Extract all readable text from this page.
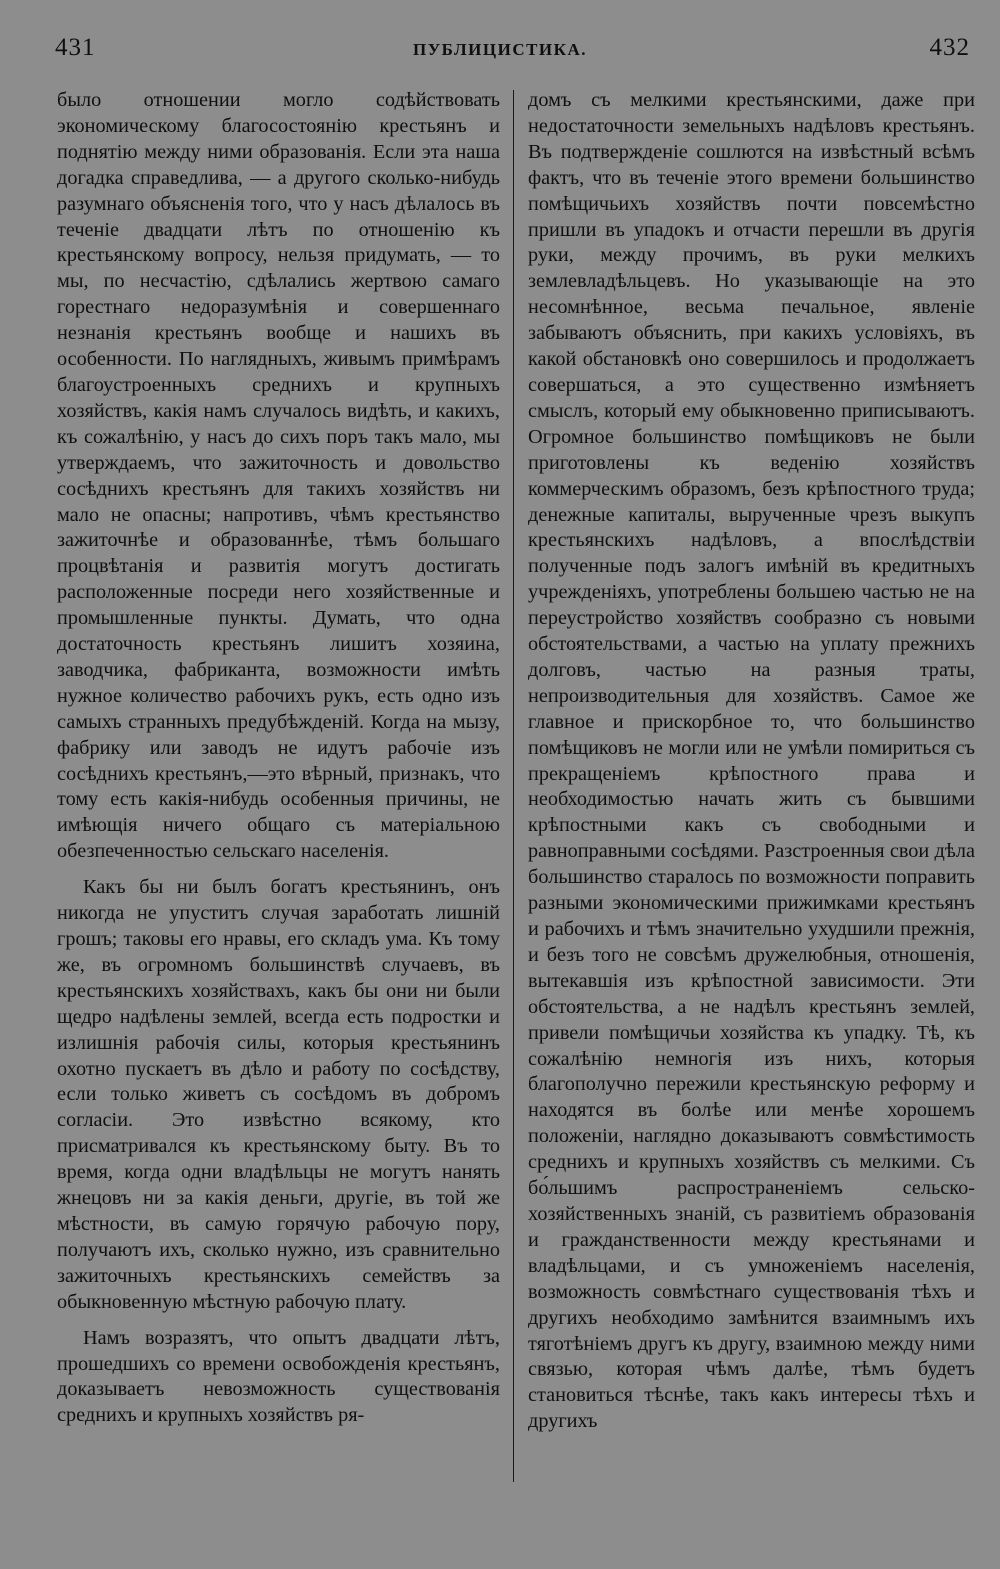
431	ПУБЛИЦИСТИКА.	432

было отношении могло содѣйствовать экономическому благосостоянію крестьянъ и поднятію между ними образованія. Если эта наша догадка справедлива, — а другого сколько-нибудь разумнаго объясненія того, что у насъ дѣлалось въ теченіе двадцати лѣтъ по отношенію къ крестьянскому вопросу, нельзя придумать, — то мы, по несчастію, сдѣлались жертвою самаго горестнаго недоразумѣнія и совершеннаго незнанія крестьянъ вообще и нашихъ въ особенности. По наглядныхъ, живымъ примѣрамъ благоустроенныхъ среднихъ и крупныхъ хозяйствъ, какія намъ случалось видѣть, и какихъ, къ сожалѣнію, у насъ до сихъ поръ такъ мало, мы утверждаемъ, что зажиточность и довольство сосѣднихъ крестьянъ для такихъ хозяйствъ ни мало не опасны; напротивъ, чѣмъ крестьянство зажиточнѣе и образованнѣе, тѣмъ большаго процвѣтанія и развитія могутъ достигать расположенные посреди него хозяйственные и промышленные пункты. Думать, что одна достаточность крестьянъ лишитъ хозяина, заводчика, фабриканта, возможности имѣть нужное количество рабочихъ рукъ, есть одно изъ самыхъ странныхъ предубѣжденій. Когда на мызу, фабрику или заводъ не идутъ рабочіе изъ сосѣднихъ крестьянъ,—это вѣрный, признакъ, что тому есть какія-нибудь особенныя причины, не имѣющія ничего общаго съ матеріальною обезпеченностью сельскаго населенія.

Какъ бы ни былъ богатъ крестьянинъ, онъ никогда не упуститъ случая заработать лишній грошъ; таковы его нравы, его складъ ума. Къ тому же, въ огромномъ большинствѣ случаевъ, въ крестьянскихъ хозяйствахъ, какъ бы они ни были щедро надѣлены землей, всегда есть подростки и излишнія рабочія силы, которыя крестьянинъ охотно пускаетъ въ дѣло и работу по сосѣдству, если только живетъ съ сосѣдомъ въ добромъ согласіи. Это извѣстно всякому, кто присматривался къ крестьянскому быту. Въ то время, когда одни владѣльцы не могутъ нанять жнецовъ ни за какія деньги, другіе, въ той же мѣстности, въ самую горячую рабочую пору, получаютъ ихъ, сколько нужно, изъ сравнительно зажиточныхъ крестьянскихъ семействъ за обыкновенную мѣстную рабочую плату.

Намъ возразятъ, что опытъ двадцати лѣтъ, прошедшихъ со времени освобожденія крестьянъ, доказываетъ невозможность существованія среднихъ и крупныхъ хозяйствъ ря-

домъ съ мелкими крестьянскими, даже при недостаточности земельныхъ надѣловъ крестьянъ. Въ подтвержденіе сошлются на извѣстный всѣмъ фактъ, что въ теченіе этого времени большинство помѣщичьихъ хозяйствъ почти повсемѣстно пришли въ упадокъ и отчасти перешли въ другія руки, между прочимъ, въ руки мелкихъ землевладѣльцевъ. Но указывающіе на это несомнѣнное, весьма печальное, явленіе забываютъ объяснить, при какихъ условіяхъ, въ какой обстановкѣ оно совершилось и продолжаетъ совершаться, а это существенно измѣняетъ смыслъ, который ему обыкновенно приписываютъ. Огромное большинство помѣщиковъ не были приготовлены къ веденію хозяйствъ коммерческимъ образомъ, безъ крѣпостного труда; денежные капиталы, вырученные чрезъ выкупъ крестьянскихъ надѣловъ, а впослѣдствіи полученные подъ залогъ имѣній въ кредитныхъ учрежденіяхъ, употреблены большею частью не на переустройство хозяйствъ сообразно съ новыми обстоятельствами, а частью на уплату прежнихъ долговъ, частью на разныя траты, непроизводительныя для хозяйствъ. Самое же главное и прискорбное то, что большинство помѣщиковъ не могли или не умѣли помириться съ прекращеніемъ крѣпостного права и необходимостью начать жить съ бывшими крѣпостными какъ съ свободными и равноправными сосѣдями. Разстроенныя свои дѣла большинство старалось по возможности поправить разными экономическими прижимками крестьянъ и рабочихъ и тѣмъ значительно ухудшили прежнія, и безъ того не совсѣмъ дружелюбныя, отношенія, вытекавшія изъ крѣпостной зависимости. Эти обстоятельства, а не надѣлъ крестьянъ землей, привели помѣщичьи хозяйства къ упадку. Тѣ, къ сожалѣнію немногія изъ нихъ, которыя благополучно пережили крестьянскую реформу и находятся въ болѣе или менѣе хорошемъ положеніи, наглядно доказываютъ совмѣстимость среднихъ и крупныхъ хозяйствъ съ мелкими. Съ бо́льшимъ распространеніемъ сельско-хозяйственныхъ знаній, съ развитіемъ образованія и гражданственности между крестьянами и владѣльцами, и съ умноженіемъ населенія, возможность совмѣстнаго существованія тѣхъ и другихъ необходимо замѣнится взаимнымъ ихъ тяготѣніемъ другъ къ другу, взаимною между ними связью, которая чѣмъ далѣе, тѣмъ будетъ становиться тѣснѣе, такъ какъ интересы тѣхъ и другихъ
